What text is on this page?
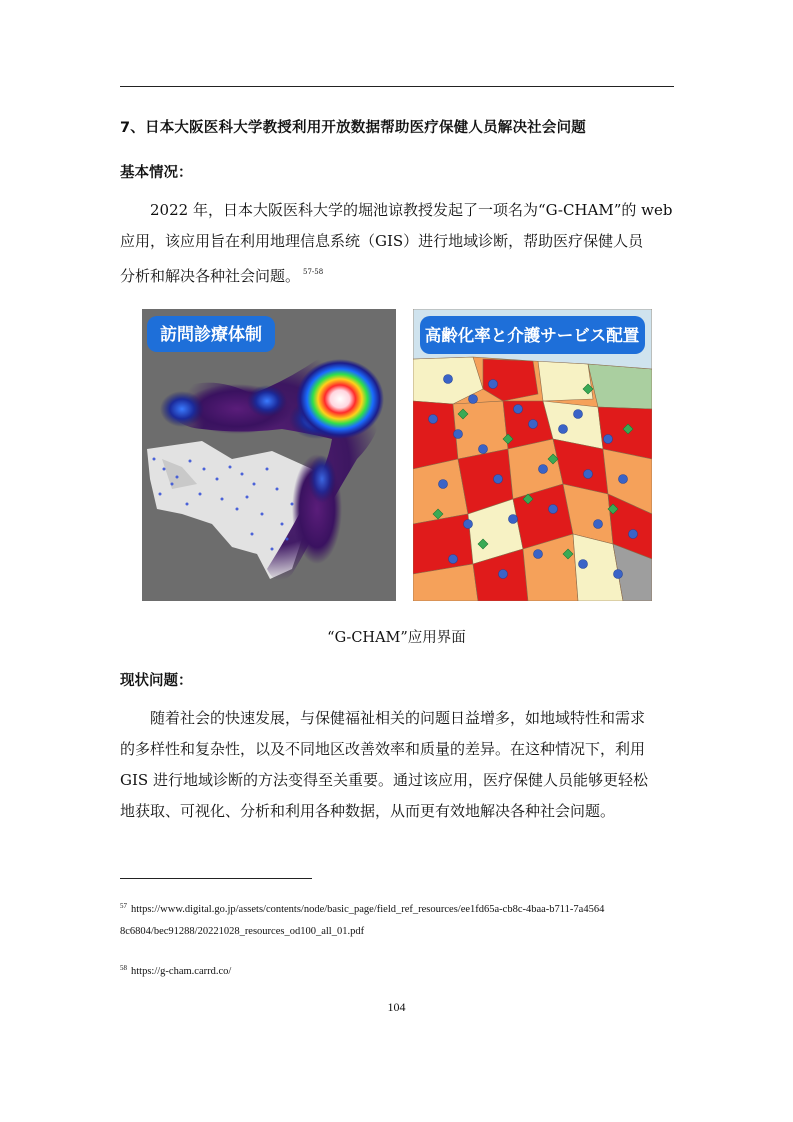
7、日本大阪医科大学教授利用开放数据帮助医疗保健人员解决社会问题
基本情况：
2022 年，日本大阪医科大学的堀池谅教授发起了一项名为“G-CHAM”的 web
应用，该应用旨在利用地理信息系统（GIS）进行地域诊断，帮助医疗保健人员
分析和解决各种社会问题。 $^{57-58}$
訪問診療体制	高齢化率と介護サービス配置
“G-CHAM”应用界面
现状问题：
随着社会的快速发展，与保健福祉相关的问题日益增多，如地域特性和需求
的多样性和复杂性，以及不同地区改善效率和质量的差异。在这种情况下，利用
GIS 进行地域诊断的方法变得至关重要。通过该应用，医疗保健人员能够更轻松
地获取、可视化、分析和利用各种数据，从而更有效地解决各种社会问题。
$^{57}$ https://www.digital.go.jp/assets/contents/node/basic_page/field_ref_resources/ee1fd65a-cb8c-4baa-b711-7a4564
8c6804/bec91288/20221028_resources_od100_all_01.pdf
$^{58}$ https://g-cham.carrd.co/
104
